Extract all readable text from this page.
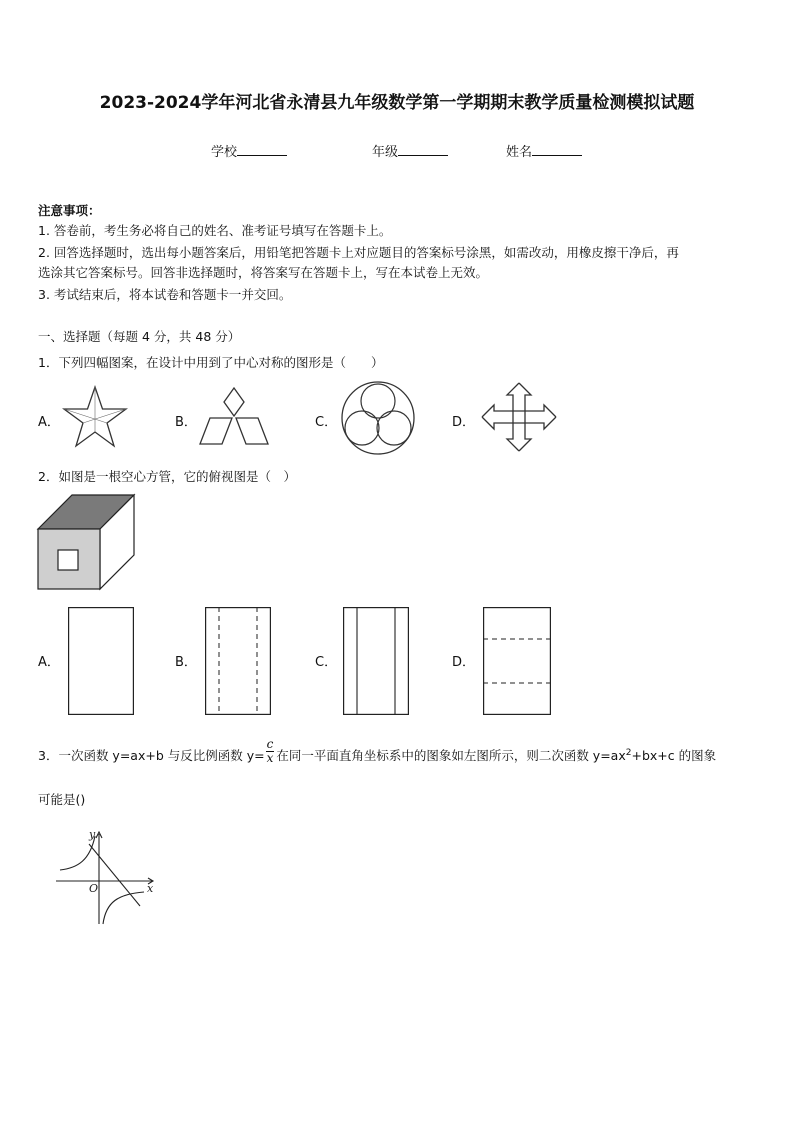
2023-2024学年河北省永清县九年级数学第一学期期末教学质量检测模拟试题
学校	年级	姓名
注意事项：
1. 答卷前，考生务必将自己的姓名、准考证号填写在答题卡上。
2. 回答选择题时，选出每小题答案后，用铅笔把答题卡上对应题目的答案标号涂黑，如需改动，用橡皮擦干净后，再
选涂其它答案标号。回答非选择题时，将答案写在答题卡上，写在本试卷上无效。
3. 考试结束后，将本试卷和答题卡一并交回。
一、选择题（每题 4 分，共 48 分）
1．下列四幅图案，在设计中用到了中心对称的图形是（　　）
A．	B．	C．	D．
2．如图是一根空心方管，它的俯视图是（　）
A．	B．	C．	D．
3．一次函数 y=ax+b 与反比例函数 $y= \frac{c}{x}$ 在同一平面直角坐标系中的图象如左图所示，则二次函数 $y=ax^2+bx+c$ 的图象
可能是()
y
x
O
